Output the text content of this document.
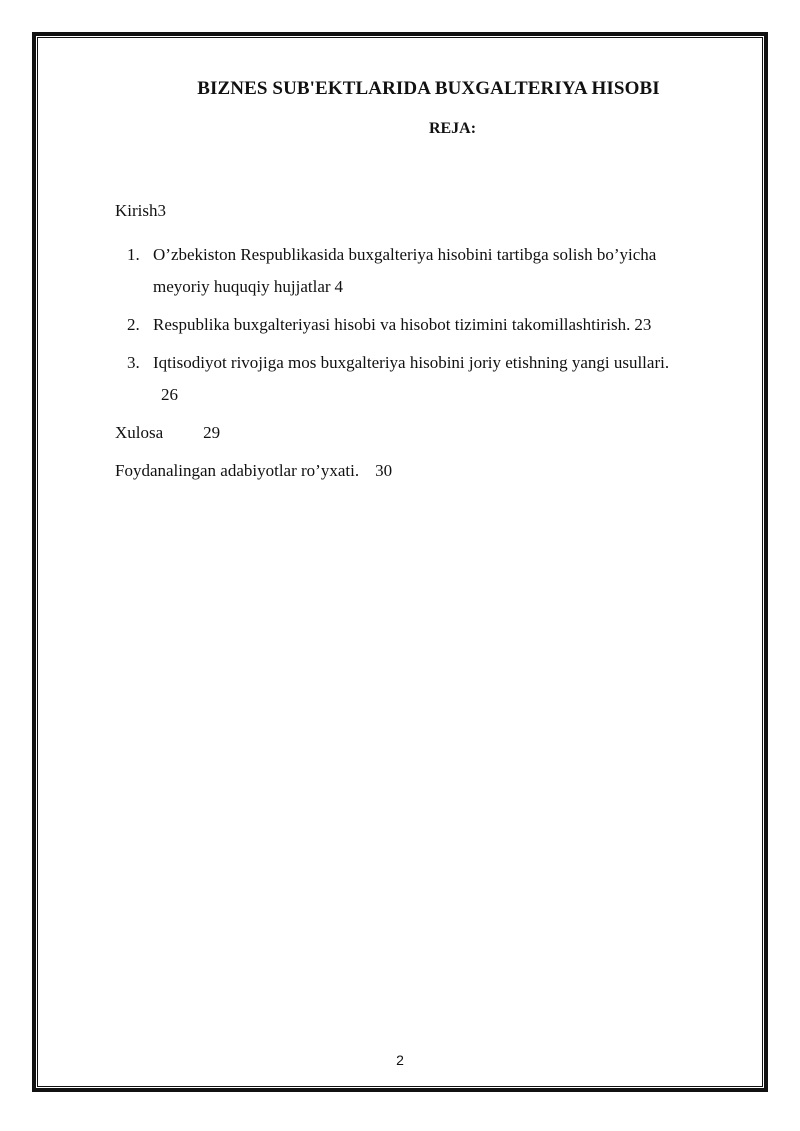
BIZNES SUB'EKTLARIDA BUXGALTERIYA HISOBI
REJA:
Kirish3
1. O’zbekiston Respublikasida buxgalteriya hisobini tartibga solish bo’yicha
meyoriy huquqiy hujjatlar 4
2. Respublika buxgalteriyasi hisobi va hisobot tizimini takomillashtirish. 23
3. Iqtisodiyot rivojiga mos buxgalteriya hisobini joriy etishning yangi usullari.
26
Xulosa 29
Foydanalingan adabiyotlar ro’yxati. 30
2
